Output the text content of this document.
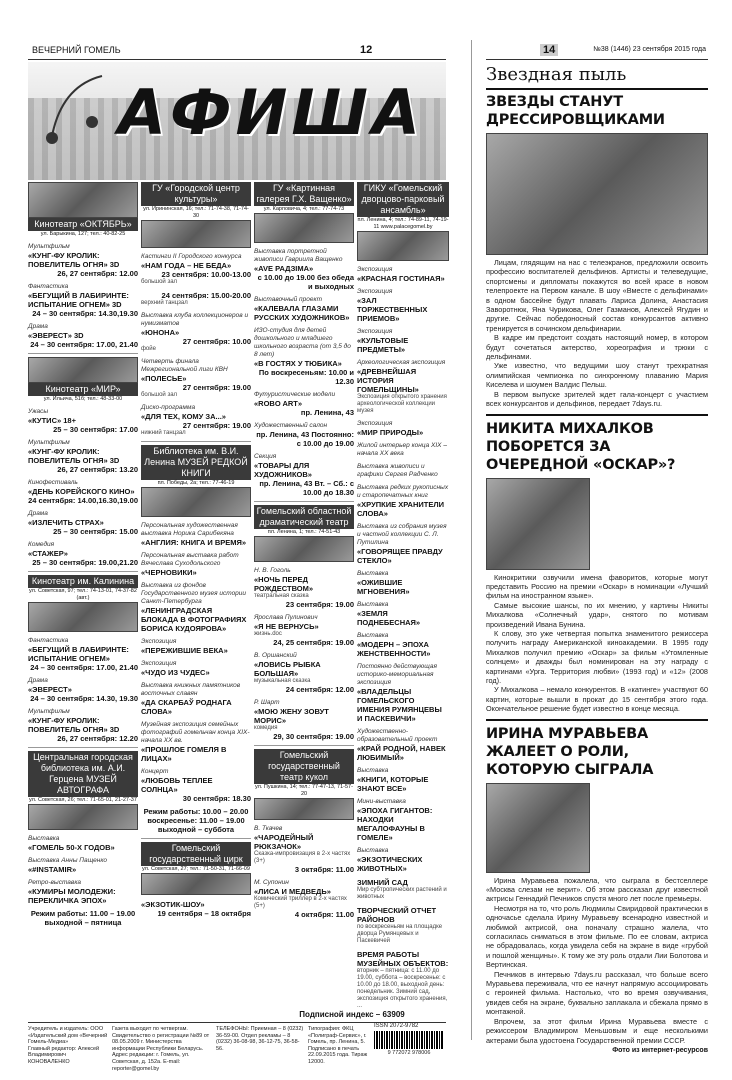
ВЕЧЕРНИЙ ГОМЕЛЬ	12	14	№38 (1446) 23 сентября 2015 года
АФИША
Кинотеатр «ОКТЯБРЬ»
ул. Барыкина, 127; тел.: 40-82-25
Мультфильм
«КУНГ-ФУ КРОЛИК: ПОВЕЛИТЕЛЬ ОГНЯ» 3D
26, 27 сентября: 12.00
Фантастика
«БЕГУЩИЙ В ЛАБИРИНТЕ: ИСПЫТАНИЕ ОГНЕМ» 3D
24 – 30 сентября: 14.30,19.30
Драма
«ЭВЕРЕСТ» 3D
24 – 30 сентября: 17.00, 21.40
Кинотеатр «МИР»
ул. Ильича, 51б; тел.: 48-33-00
Ужасы
«КУТИС» 18+
25 – 30 сентября: 17.00
Мультфильм
«КУНГ-ФУ КРОЛИК: ПОВЕЛИТЕЛЬ ОГНЯ» 3D
26, 27 сентября: 13.20
Кинофестиваль
«ДЕНЬ КОРЕЙСКОГО КИНО»
24 сентября: 14.00,16.30,19.00
Драма
«ИЗЛЕЧИТЬ СТРАХ»
25 – 30 сентября: 15.00
Комедия
«СТАЖЕР»
25 – 30 сентября: 19.00,21.20
Кинотеатр им. Калинина
ул. Советская, 97; тел.: 74-13-01, 74-37-82 (авт.)
Фантастика
«БЕГУЩИЙ В ЛАБИРИНТЕ: ИСПЫТАНИЕ ОГНЕМ»
24 – 30 сентября: 17.00, 21.40
Драма
«ЭВЕРЕСТ»
24 – 30 сентября: 14.30, 19.30
Мультфильм
«КУНГ-ФУ КРОЛИК: ПОВЕЛИТЕЛЬ ОГНЯ» 3D
26, 27 сентября: 12.20
Центральная городская библиотека им. А.И. Герцена МУЗЕЙ АВТОГРАФА
ул. Советская, 26; тел.: 71-65-01, 21-27-37
Выставка
«ГОМЕЛЬ 50-Х ГОДОВ»
Выставка Анны Пащенко
«#INSTAMIR»
Ретро-выставка
«КУМИРЫ МОЛОДЕЖИ: ПЕРЕКЛИЧКА ЭПОХ»
Режим работы: 11.00 – 19.00 выходной – пятница
ГУ «Городской центр культуры»
ул. Ирининская, 16; тел.: 71-74-38, 71-74-30
Кастинги II Городского конкурса
«НАМ ГОДА – НЕ БЕДА»
23 сентября: 10.00-13.00
большой зал
24 сентября: 15.00-20.00
верхний танцзал
Выставка клуба коллекционеров и нумизматов
«ЮНОНА»
27 сентября: 10.00
фойе
Четверть финала Межрегиональной лиги КВН
«ПОЛЕСЬЕ»
27 сентября: 19.00
большой зал
Диско-программа
«ДЛЯ ТЕХ, КОМУ ЗА...»
27 сентября: 19.00
нижний танцзал
Библиотека им. В.И. Ленина МУЗЕЙ РЕДКОЙ КНИГИ
пл. Победы, 2а; тел.: 77-46-19
Персональная художественная выставка Норика Сарибекяна
«АНГЛИЯ: КНИГА И ВРЕМЯ»
Персональная выставка работ Вячеслава Суходольского
«ЧЕРНОВИКИ»
Выставка из фондов Государственного музея истории Санкт-Петербурга
«ЛЕНИНГРАДСКАЯ БЛОКАДА В ФОТОГРАФИЯХ БОРИСА КУДОЯРОВА»
Экспозиция
«ПЕРЕЖИВШИЕ ВЕКА»
Экспозиция
«ЧУДО ИЗ ЧУДЕС»
Выставка книжных памятников восточных славян
«ДА СКАРБАЎ РОДНАГА СЛОВА»
Музейная экспозиция семейных фотографий гомельчан конца XIX-начала XX вв.
«ПРОШЛОЕ ГОМЕЛЯ В ЛИЦАХ»
Концерт
«ЛЮБОВЬ ТЕПЛЕЕ СОЛНЦА»
30 сентября: 18.30
Режим работы: 10.00 – 20.00 воскресенье: 11.00 – 19.00 выходной – суббота
Гомельский государственный цирк
ул. Советская, 27; тел.: 71-50-31, 71-66-09
«ЭКЗОТИК-ШОУ»
19 сентября – 18 октября
ГУ «Картинная галерея Г.Х. Ващенко»
ул. Карповича, 4; тел.: 77-74-73
Выставка портретной живописи Гавриила Ващенко
«AVE РАДЗІМА»
с 10.00 до 19.00 без обеда и выходных
Выставочный проект
«КАЛЕВАЛА ГЛАЗАМИ РУССКИХ ХУДОЖНИКОВ»
ИЗО-студия для детей дошкольного и младшего школьного возраста (от 3,5 до 8 лет)
«В ГОСТЯХ У ТЮБИКА»
По воскресеньям: 10.00 и 12.30
Футуристические модели
«ROBO ART»
пр. Ленина, 43
Художественный салон
пр. Ленина, 43 Постоянно: с 10.00 до 19.00
Секция
«ТОВАРЫ ДЛЯ ХУДОЖНИКОВ»
пр. Ленина, 43 Вт. – Сб.: с 10.00 до 18.30
Гомельский областной драматический театр
пл. Ленина, 1; тел.: 74-51-43
Н. В. Гоголь
«НОЧЬ ПЕРЕД РОЖДЕСТВОМ»
театральная сказка
23 сентября: 19.00
Ярослава Пулинович
«Я НЕ ВЕРНУСЬ»
жизнь.doc
24, 25 сентября: 19.00
В. Оршанский
«ЛОВИСЬ РЫБКА БОЛЬШАЯ»
музыкальная сказка
24 сентября: 12.00
Р. Шарт
«МОЮ ЖЕНУ ЗОВУТ МОРИС»
комедия
29, 30 сентября: 19.00
Гомельский государственный театр кукол
ул. Пушкина, 14; тел.: 77-47-13, 71-57-20
В. Ткачев
«ЧАРОДЕЙНЫЙ РЮКЗАЧОК»
Сказка-импровизация в 2-х частях (3+)
3 октября: 11.00
М. Супонин
«ЛИСА И МЕДВЕДЬ»
Комический триллер в 2-х частях (5+)
4 октября: 11.00
ГИКУ «Гомельский дворцово-парковый ансамбль»
пл. Ленина, 4; тел.: 74-89-11, 74-19-11 www.palacegomel.by
Экспозиция
«КРАСНАЯ ГОСТИНАЯ»
Экспозиция
«ЗАЛ ТОРЖЕСТВЕННЫХ ПРИЕМОВ»
Экспозиция
«КУЛЬТОВЫЕ ПРЕДМЕТЫ»
Археологическая экспозиция
«ДРЕВНЕЙШАЯ ИСТОРИЯ ГОМЕЛЬЩИНЫ»
Экспозиция открытого хранения археологической коллекции музея
Экспозиция
«МИР ПРИРОДЫ»
Жилой интерьер конца XIX – начала XX века
Выставка живописи и графики Сергея Радченко
Выставка редких рукописных и старопечатных книг
«ХРУПКИЕ ХРАНИТЕЛИ СЛОВА»
Выставка из собрания музея и частной коллекции С. Л. Путилина
«ГОВОРЯЩЕЕ ПРАВДУ СТЕКЛО»
Выставка
«ОЖИВШИЕ МГНОВЕНИЯ»
Выставка
«ЗЕМЛЯ ПОДНЕБЕСНАЯ»
Выставка
«МОДЕРН – ЭПОХА ЖЕНСТВЕННОСТИ»
Постоянно действующая историко-мемориальная экспозиция
«ВЛАДЕЛЬЦЫ ГОМЕЛЬСКОГО ИМЕНИЯ РУМЯНЦЕВЫ И ПАСКЕВИЧИ»
Художественно-образовательный проект
«КРАЙ РОДНОЙ, НАВЕК ЛЮБИМЫЙ»
Выставка
«КНИГИ, КОТОРЫЕ ЗНАЮТ ВСЕ»
Мини-выставка
«ЭПОХА ГИГАНТОВ: НАХОДКИ МЕГАЛОФАУНЫ В ГОМЕЛЕ»
Выставка
«ЭКЗОТИЧЕСКИХ ЖИВОТНЫХ»
ЗИМНИЙ САД
Мир субтропических растений и животных
ТВОРЧЕСКИЙ ОТЧЕТ РАЙОНОВ
по воскресеньям на площадке дворца Румянцевых и Паскевичей
ВРЕМЯ РАБОТЫ МУЗЕЙНЫХ ОБЪЕКТОВ:
вторник – пятница: с 11.00 до 19.00, суббота – воскресенье: с 10.00 до 18.00, выходной день: понедельник. Зимний сад, экспозиция открытого хранения, ...
Подписной индекс – 63909
Учредитель и издатель: ООО «Издательский дом «Вечерний Гомель-Медиа»
Главный редактор: Алексей Владимирович КОНОВАЛЕНКО
Газета выходит по четвергам. Свидетельство о регистрации №89 от 08.05.2009 г. Министерства информации Республики Беларусь. Адрес редакции: г. Гомель, ул. Советская, д. 152а. E-mail: reporter@gomel.by
ТЕЛЕФОНЫ: Приемная – 8 (0232) 36-59-00. Отдел рекламы – 8 (0232) 36-08-98, 36-12-75, 36-58-56.
Типография: ФКЦ «Полиграф-Сервис», г. Гомель, пр. Ленина, 5. Подписано в печать 22.09.2015 года. Тираж 12000.
ISSN 2072-9782
9 772072 978006
Звездная пыль
ЗВЕЗДЫ СТАНУТ ДРЕССИРОВЩИКАМИ

Лицам, глядящим на нас с телеэкранов, предложили освоить профессию воспитателей дельфинов. Артисты и телеведущие, спортсмены и дипломаты покажутся во всей красе в новом телепроекте на Первом канале. В шоу «Вместе с дельфинами» в одном бассейне будут плавать Лариса Долина, Анастасия Заворотнюк, Яна Чурикова, Олег Газманов, Алексей Ягудин и другие. Сейчас победоносный состав конкурсантов активно тренируется в сочинском дельфинарии.

В кадре им предстоит создать настоящий номер, в котором будут сочетаться актерство, хореография и трюки с дельфинами.

Уже известно, что ведущими шоу станут трехкратная олимпийская чемпионка по синхронному плаванию Мария Киселева и шоумен Валдис Пельш.

В первом выпуске зрителей ждет гала-концерт с участием всех конкурсантов и дельфинов, передает 7days.ru.

НИКИТА МИХАЛКОВ ПОБОРЕТСЯ ЗА ОЧЕРЕДНОЙ «ОСКАР»?

Кинокритики озвучили имена фаворитов, которые могут представить Россию на премии «Оскар» в номинации «Лучший фильм на иностранном языке».

Самые высокие шансы, по их мнению, у картины Никиты Михалкова «Солнечный удар», снятого по мотивам произведений Ивана Бунина.

К слову, это уже четвертая попытка знаменитого режиссера получить награду Американской киноакадемии. В 1995 году Михалков получил премию «Оскар» за фильм «Утомленные солнцем» и дважды был номинирован на эту награду с картинами «Урга. Территория любви» (1993 год) и «12» (2008 год).

У Михалкова – немало конкурентов. В «катинге» участвуют 60 картин, которые вышли в прокат до 15 сентября этого года. Окончательное решение будет известно в конце месяца.

ИРИНА МУРАВЬЕВА ЖАЛЕЕТ О РОЛИ, КОТОРУЮ СЫГРАЛА

Ирина Муравьева пожалела, что сыграла в бестселлере «Москва слезам не верит». Об этом рассказал друг известной актрисы Геннадий Печников спустя много лет после премьеры.

Несмотря на то, что роль Людмилы Свиридовой практически в одночасье сделала Ирину Муравьеву всенародно известной и любимой актрисой, она поначалу страшно жалела, что согласилась сниматься в этом фильме. По ее словам, актриса не обрадовалась, когда увидела себя на экране в виде «грубой и пошлой женщины». К тому же эту роль отдали Лии Болотова и Вертинская.

Печников в интервью 7days.ru рассказал, что больше всего Муравьева переживала, что ее начнут напрямую ассоциировать с героиней фильма. Настолько, что во время озвучивания, увидев себя на экране, буквально заплакала и сбежала прямо в монтажной.

Впрочем, за этот фильм Ирина Муравьева вместе с режиссером Владимиром Меньшовым и еще несколькими актерами была удостоена Государственной премии СССР.

Фото из интернет-ресурсов
